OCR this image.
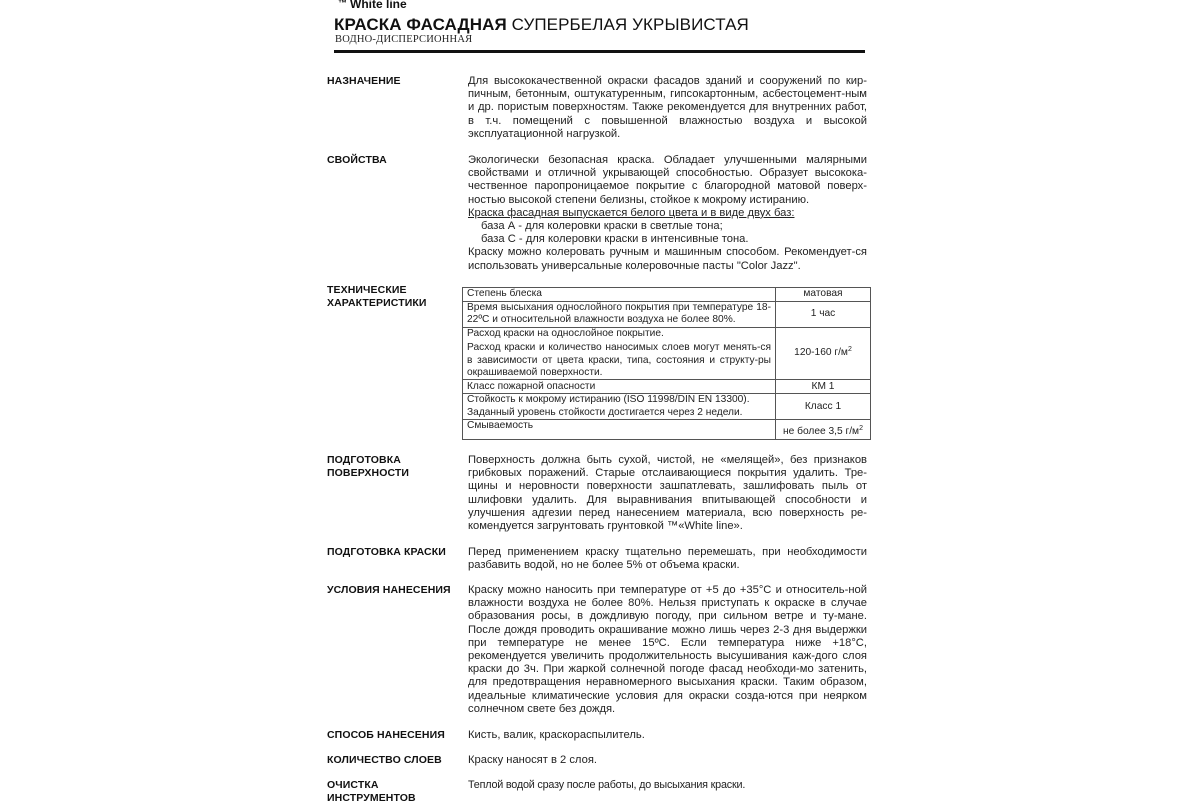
™ White line
КРАСКА ФАСАДНАЯ СУПЕРБЕЛАЯ УКРЫВИСТАЯ
ВОДНО-ДИСПЕРСИОННАЯ
НАЗНАЧЕНИЕ	Для высококачественной окраски фасадов зданий и сооружений по кир-пичным, бетонным, оштукатуренным, гипсокартонным, асбестоцемент-ным и др. пористым поверхностям. Также рекомендуется для внутренних работ, в т.ч. помещений с повышенной влажностью воздуха и высокой эксплуатационной нагрузкой.

СВОЙСТВА	Экологически безопасная краска. Обладает улучшенными малярными свойствами и отличной укрывающей способностью. Образует высокока-чественное паропроницаемое покрытие с благородной матовой поверх-ностью высокой степени белизны, стойкое к мокрому истиранию.

Краска фасадная выпускается белого цвета и в виде двух баз:

база А - для колеровки краски в светлые тона;

база С - для колеровки краски в интенсивные тона.

Краску можно колеровать ручным и машинным способом. Рекомендует-ся использовать универсальные колеровочные пасты "Color Jazz".

ТЕХНИЧЕСКИЕ
ХАРАКТЕРИСТИКИ
Степень блеска	матовая
Время высыхания однослойного покрытия при температуре 18-22ºС и относительной влажности воздуха не более 80%.	1 час

Расход краски на однослойное покрытие.
Расход краски и количество наносимых слоев могут менять-ся в зависимости от цвета краски, типа, состояния и структу-ры окрашиваемой поверхности.	120-160 $г/м^2$
Класс пожарной опасности	КМ 1
Стойкость к мокрому истиранию (ISO 11998/DIN EN 13300). Заданный уровень стойкости достигается через 2 недели.	Класс 1
Смываемость	не более 3,5 $г/м^2$
ПОДГОТОВКА
ПОВЕРХНОСТИ

Поверхность должна быть сухой, чистой, не «мелящей», без признаков грибковых поражений. Старые отслаивающиеся покрытия удалить. Тре-щины и неровности поверхности зашпатлевать, зашлифовать пыль от шлифовки удалить. Для выравнивания впитывающей способности и улучшения адгезии перед нанесением материала, всю поверхность ре-комендуется загрунтовать грунтовкой ™«White line».

ПОДГОТОВКА КРАСКИ	Перед применением краску тщательно перемешать, при необходимости разбавить водой, но не более 5% от объема краски.

УСЛОВИЯ НАНЕСЕНИЯ	Краску можно наносить при температуре от +5 до +35°С и относитель-ной влажности воздуха не более 80%. Нельзя приступать к окраске в случае образования росы, в дождливую погоду, при сильном ветре и ту-мане. После дождя проводить окрашивание можно лишь через 2-3 дня выдержки при температуре не менее 15ºС. Если температура ниже +18°С, рекомендуется увеличить продолжительность высушивания каж-дого слоя краски до 3ч. При жаркой солнечной погоде фасад необходи-мо затенить, для предотвращения неравномерного высыхания краски. Таким образом, идеальные климатические условия для окраски созда-ются при неярком солнечном свете без дождя.

СПОСОБ НАНЕСЕНИЯ	Кисть, валик, краскораспылитель.

КОЛИЧЕСТВО СЛОЕВ	Краску наносят в 2 слоя.

ОЧИСТКА
ИНСТРУМЕНТОВ

Теплой водой сразу после работы, до высыхания краски.
